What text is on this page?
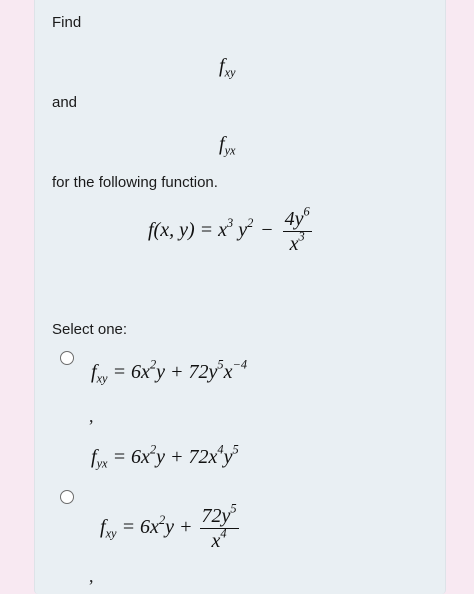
Find
$f_{xy}$
and
$f_{yx}$
for the following function.
f(x, $y) = x^3$ $y^2 - \frac{4y^6}{x^3}$
Select one:
$f_{xy} = 6x^2y + 72y^5x^{-4}$
,
$f_{yx} = 6x^2y + 72x^4y^5$
$f_{xy} = 6x^2y + \frac{72y^5}{x^4}$
,
